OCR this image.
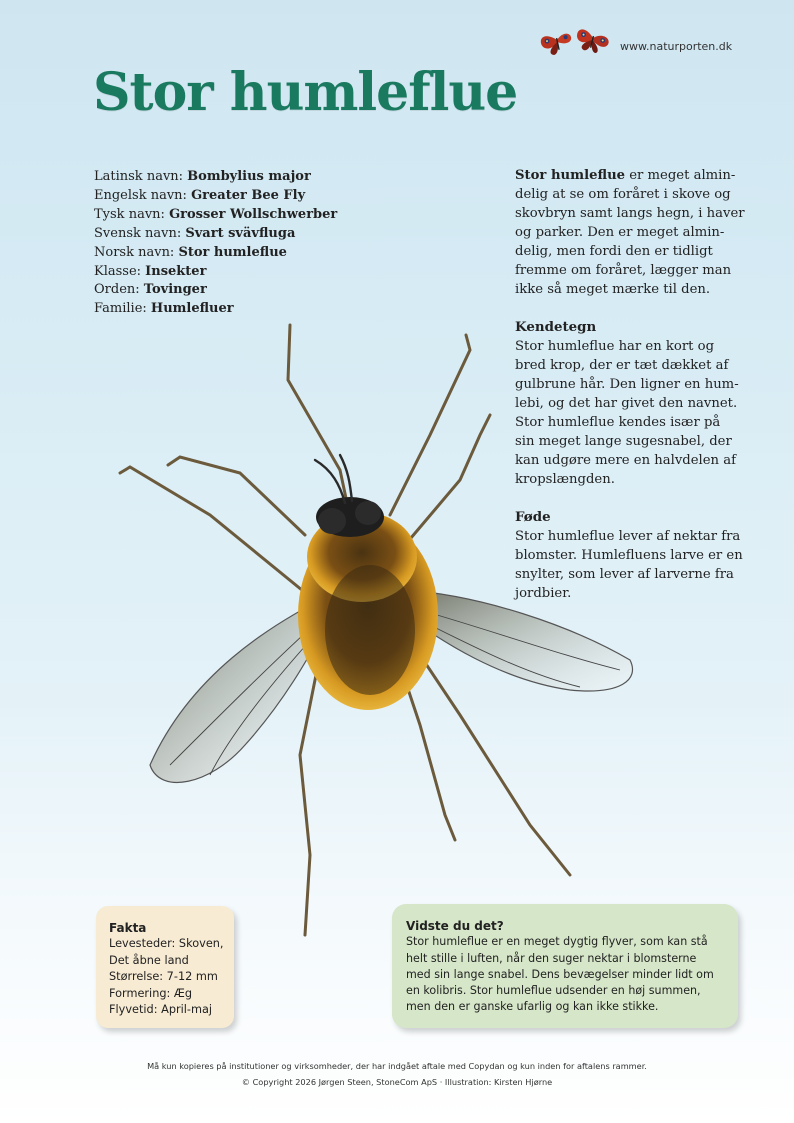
www.naturporten.dk
Stor humleflue
Latinsk navn: Bombylius major
Engelsk navn: Greater Bee Fly
Tysk navn: Grosser Wollschwerber
Svensk navn: Svart svävfluga
Norsk navn: Stor humleflue
Klasse: Insekter
Orden: Tovinger
Familie: Humlefluer

Stor humleflue er meget almin-
delig at se om foråret i skove og
skovbryn samt langs hegn, i haver
og parker. Den er meget almin-
delig, men fordi den er tidligt
fremme om foråret, lægger man
ikke så meget mærke til den.

Kendetegn

Stor humleflue har en kort og
bred krop, der er tæt dækket af
gulbrune hår. Den ligner en hum-
lebi, og det har givet den navnet.
Stor humleflue kendes især på
sin meget lange sugesnabel, der
kan udgøre mere en halvdelen af
kropslængden.

Føde

Stor humleflue lever af nektar fra
blomster. Humlefluens larve er en
snylter, som lever af larverne fra
jordbier.

Fakta
Levesteder: Skoven,
Det åbne land
Størrelse: 7-12 mm
Formering: Æg
Flyvetid: April-maj
Vidste du det?

Stor humleflue er en meget dygtig flyver, som kan stå
helt stille i luften, når den suger nektar i blomsterne
med sin lange snabel. Dens bevægelser minder lidt om
en kolibris. Stor humleflue udsender en høj summen,
men den er ganske ufarlig og kan ikke stikke.

Må kun kopieres på institutioner og virksomheder, der har indgået aftale med Copydan og kun inden for aftalens rammer.
© Copyright 2026 Jørgen Steen, StoneCom ApS · Illustration: Kirsten Hjørne
